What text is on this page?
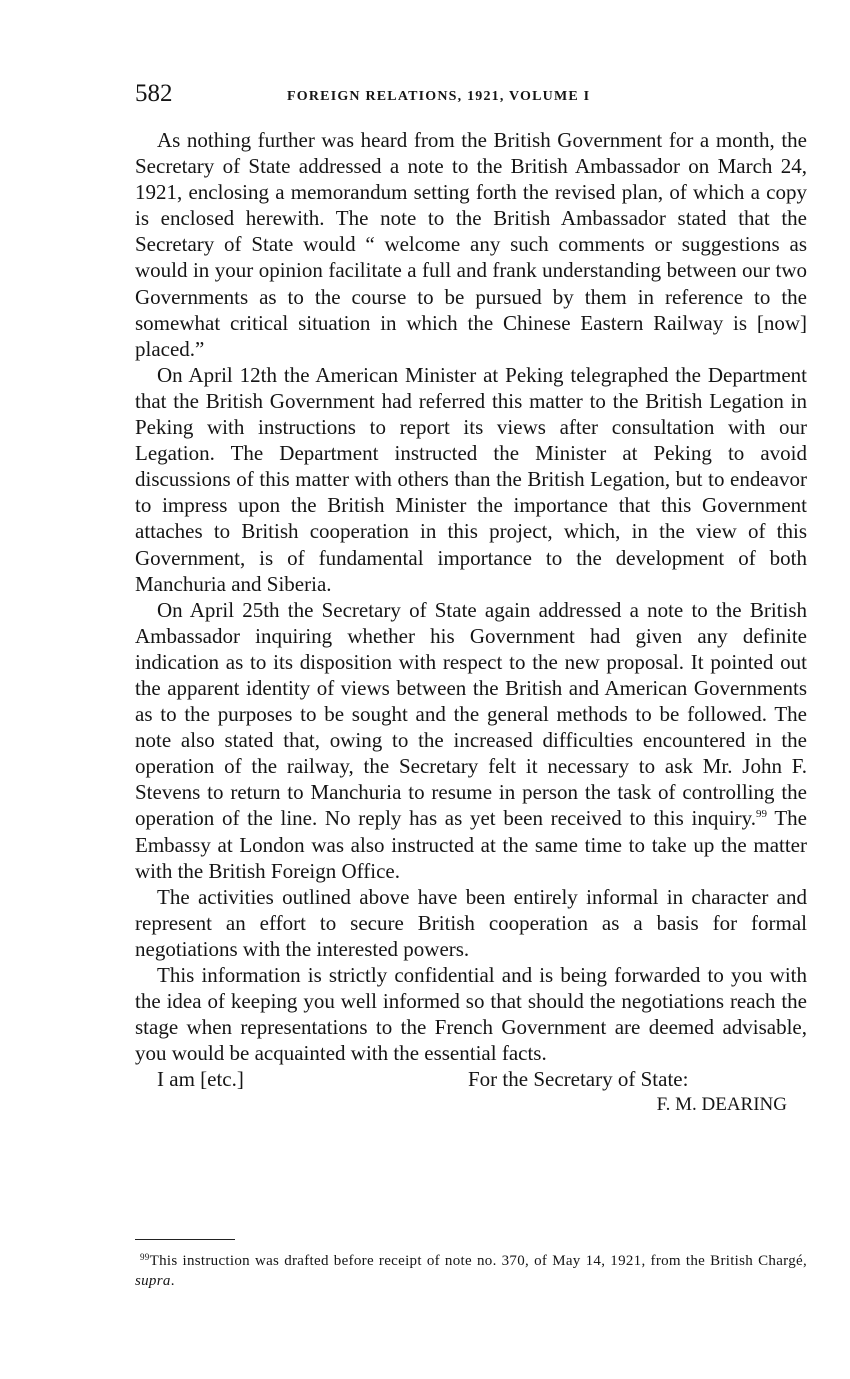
582	FOREIGN RELATIONS, 1921, VOLUME I

As nothing further was heard from the British Government for a month, the Secretary of State addressed a note to the British Ambassador on March 24, 1921, enclosing a memorandum setting forth the revised plan, of which a copy is enclosed herewith. The note to the British Ambassador stated that the Secretary of State would “ welcome any such comments or suggestions as would in your opinion facilitate a full and frank understanding between our two Governments as to the course to be pursued by them in reference to the somewhat critical situation in which the Chinese Eastern Railway is [now] placed.”

On April 12th the American Minister at Peking telegraphed the Department that the British Government had referred this matter to the British Legation in Peking with instructions to report its views after consultation with our Legation. The Department instructed the Minister at Peking to avoid discussions of this matter with others than the British Legation, but to endeavor to impress upon the British Minister the importance that this Government attaches to British cooperation in this project, which, in the view of this Government, is of fundamental importance to the development of both Manchuria and Siberia.

On April 25th the Secretary of State again addressed a note to the British Ambassador inquiring whether his Government had given any definite indication as to its disposition with respect to the new proposal. It pointed out the apparent identity of views between the British and American Governments as to the purposes to be sought and the general methods to be followed. The note also stated that, owing to the increased difficulties encountered in the operation of the railway, the Secretary felt it necessary to ask Mr. John F. Stevens to return to Manchuria to resume in person the task of controlling the operation of the line. No reply has as yet been received to this inquiry.$^{99}$ The Embassy at London was also instructed at the same time to take up the matter with the British Foreign Office.

The activities outlined above have been entirely informal in character and represent an effort to secure British cooperation as a basis for formal negotiations with the interested powers.

This information is strictly confidential and is being forwarded to you with the idea of keeping you well informed so that should the negotiations reach the stage when representations to the French Government are deemed advisable, you would be acquainted with the essential facts.

I am [etc.]	For the Secretary of State:
F. M. DEARING
$^{99}$This instruction was drafted before receipt of note no. 370, of May 14, 1921, from the British Chargé, supra.
